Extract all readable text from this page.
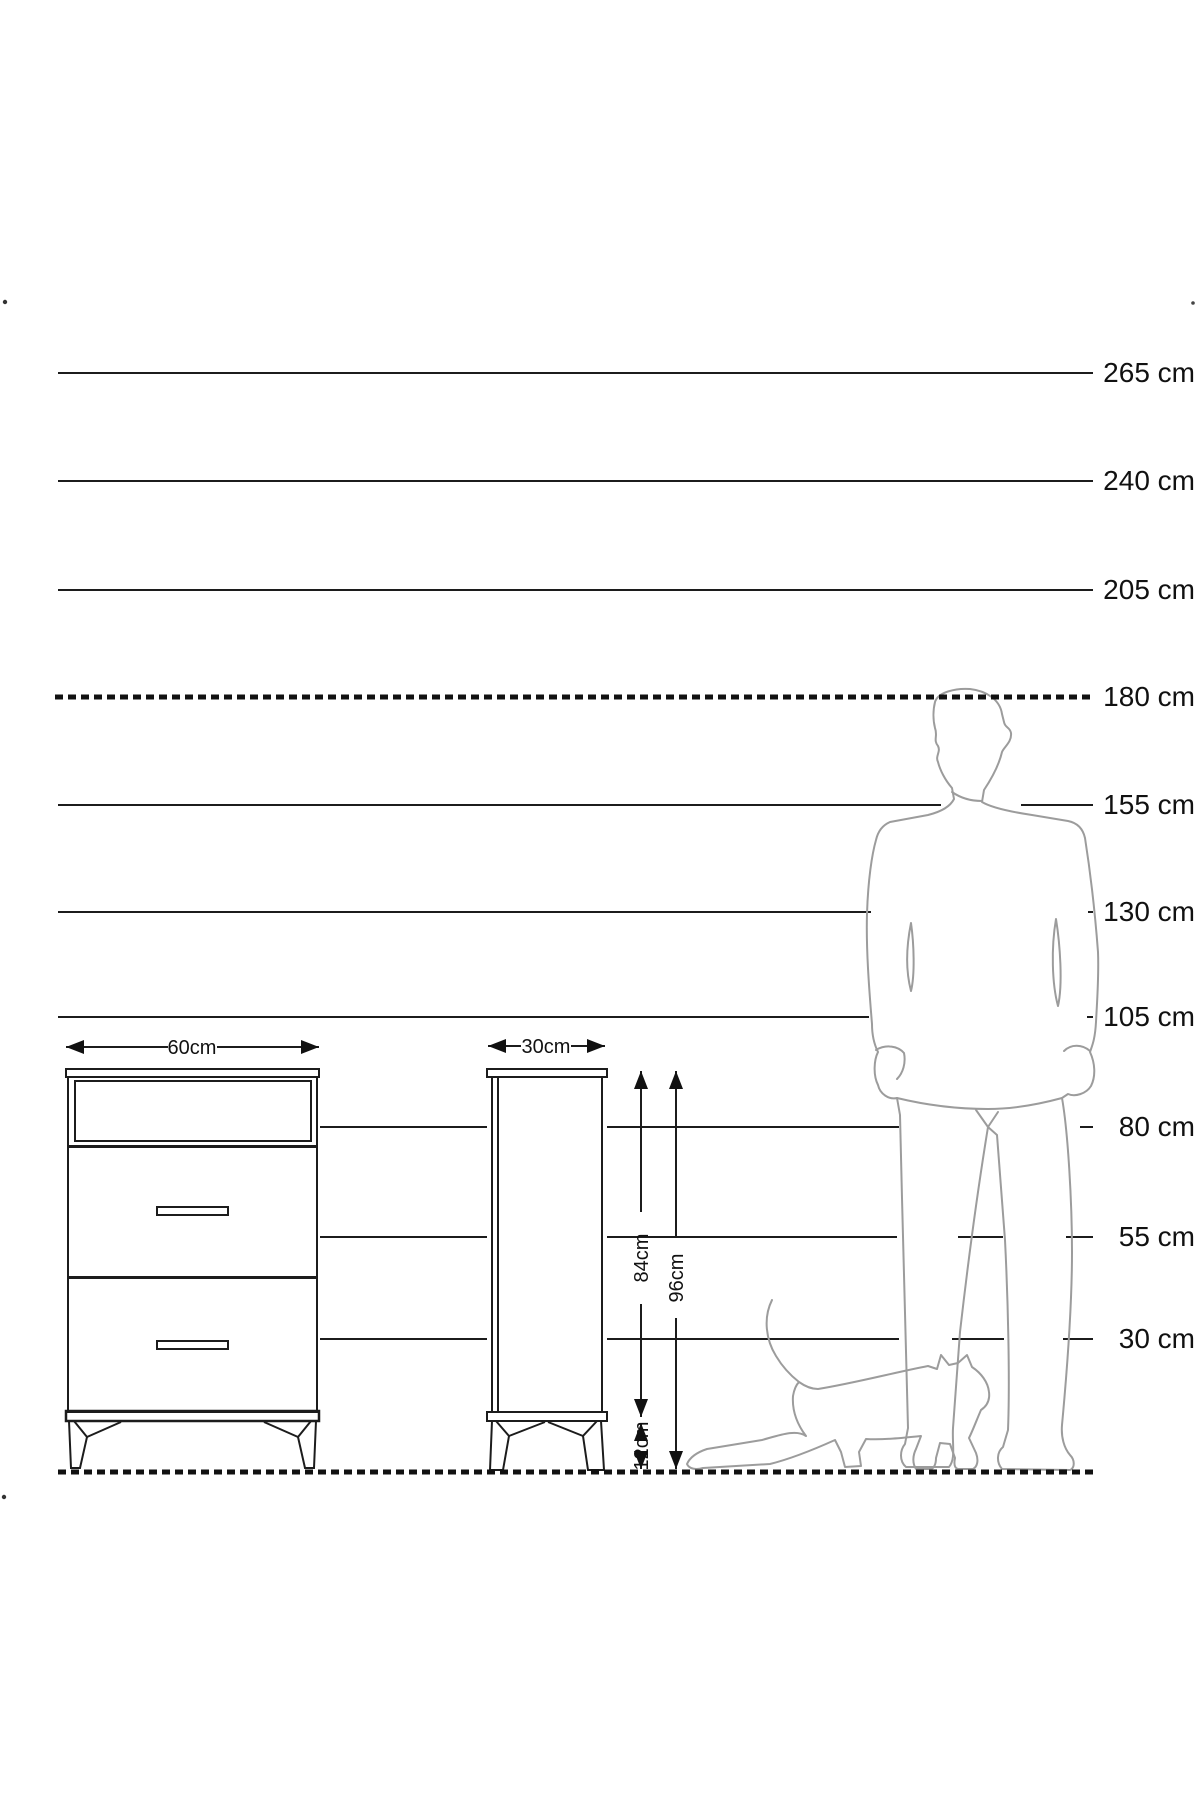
265 cm
240 cm
205 cm
180 cm
155 cm
130 cm
105 cm
80 cm
55 cm
30 cm
60cm	30cm
84cm 96cm
12cm
